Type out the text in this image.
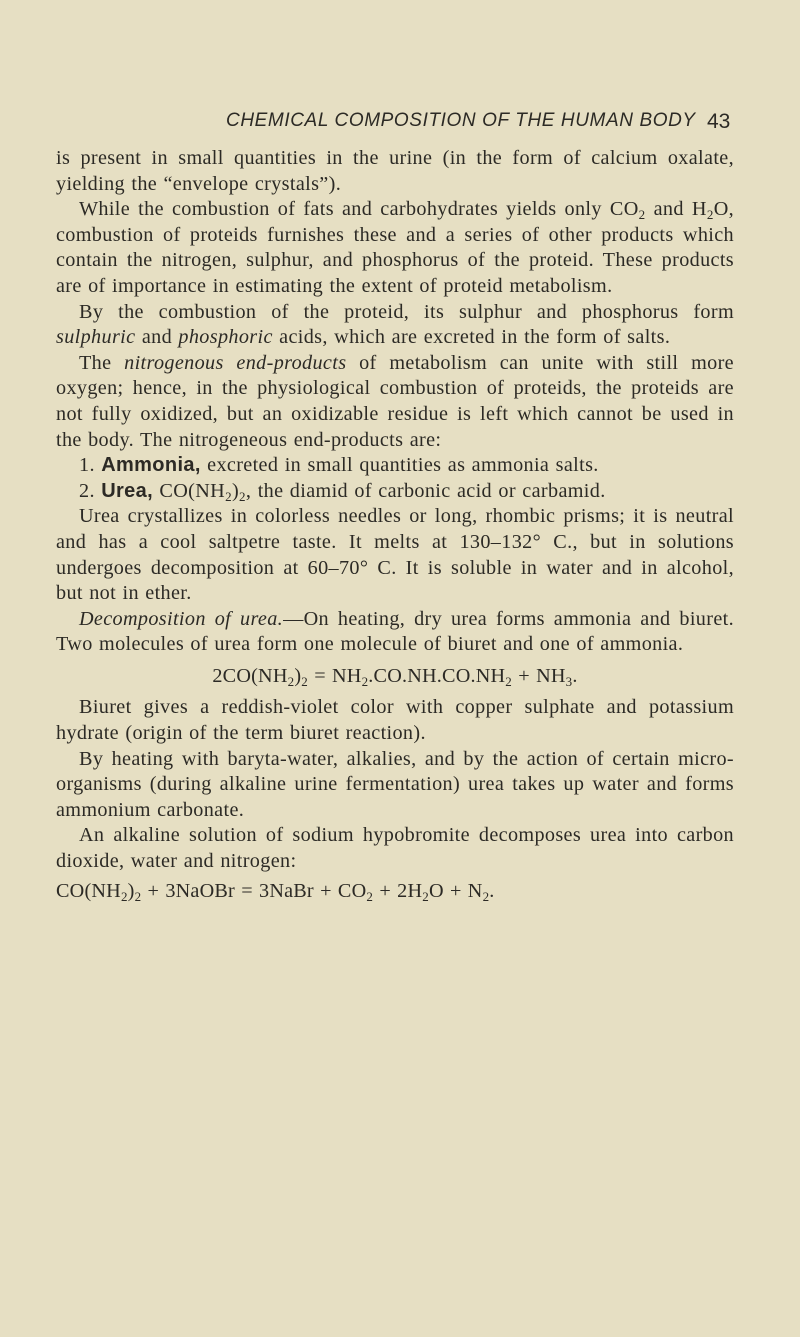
CHEMICAL COMPOSITION OF THE HUMAN BODY 43

is present in small quantities in the urine (in the form of calcium oxalate, yielding the “envelope crystals”).

While the combustion of fats and carbohydrates yields only $CO_2$ and $H_2O$, combustion of proteids furnishes these and a series of other products which contain the nitrogen, sulphur, and phosphorus of the proteid. These products are of importance in estimating the extent of proteid metabolism.

By the combustion of the proteid, its sulphur and phosphorus form sulphuric and phosphoric acids, which are excreted in the form of salts.

The nitrogenous end-products of metabolism can unite with still more oxygen; hence, in the physiological combustion of proteids, the proteids are not fully oxidized, but an oxidizable residue is left which cannot be used in the body. The nitrogeneous end-products are:

1. Ammonia, excreted in small quantities as ammonia salts.

2. Urea, $CO(NH_2)_2$, the diamid of carbonic acid or carbamid.

Urea crystallizes in colorless needles or long, rhombic prisms; it is neutral and has a cool saltpetre taste. It melts at 130–132° C., but in solutions undergoes decomposition at 60–70° C. It is soluble in water and in alcohol, but not in ether.

Decomposition of urea.—On heating, dry urea forms ammonia and biuret. Two molecules of urea form one molecule of biuret and one of ammonia.

$2CO(NH_2)_2 = NH_2.CO.NH.CO.NH_2 + NH_3$.

Biuret gives a reddish-violet color with copper sulphate and potassium hydrate (origin of the term biuret reaction).

By heating with baryta-water, alkalies, and by the action of certain micro-organisms (during alkaline urine fermentation) urea takes up water and forms ammonium carbonate.

An alkaline solution of sodium hypobromite decomposes urea into carbon dioxide, water and nitrogen:

$CO(NH_2)_2$ + 3NaOBr = 3NaBr + $CO_2 + 2H_2O + N_2$.
